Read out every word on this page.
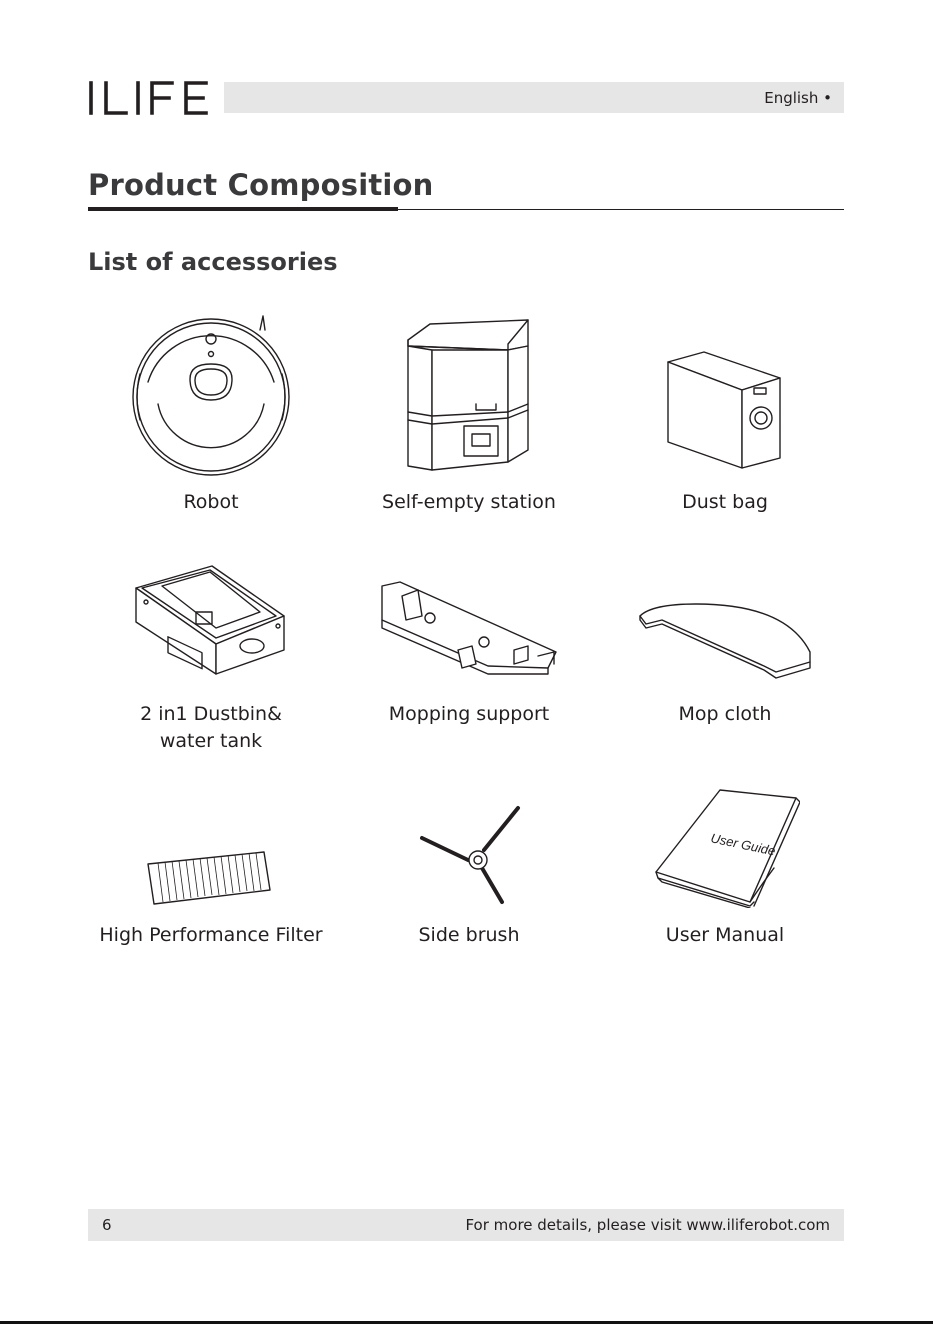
English •
Product Composition
List of accessories
Robot	Self-empty station	Dust bag
2 in1 Dustbin&
water tank
Mopping support	Mop cloth
High Performance Filter	Side brush
User Guide
User Manual
6	For more details, please visit www.iliferobot.com
